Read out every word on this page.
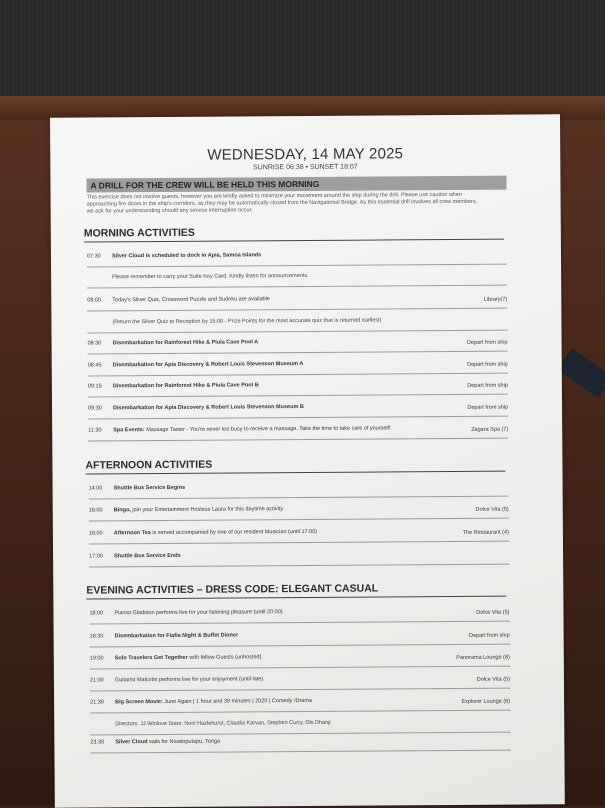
WEDNESDAY, 14 MAY 2025
SUNRISE 06:38 • SUNSET 18:07
A DRILL FOR THE CREW WILL BE HELD THIS MORNING
This exercise does not involve guests, however you are kindly asked to minimize your movement around the ship during the drill. Please use caution when
approaching fire doors in the ship's corridors, as they may be automatically closed from the Navigational Bridge. As this essential drill involves all crew members,
we ask for your understanding should any service interruption occur.
MORNING ACTIVITIES
07:30	Silver Cloud is scheduled to dock in Apia, Samoa Islands
Please remember to carry your Suite Key Card. Kindly listen for announcements.
08:00	Today's Silver Quiz, Crossword Puzzle and Sudoku are available	Library(7)
(Return the Silver Quiz to Reception by 15:00 - Prize Points for the most accurate quiz that is returned earliest)
08:30	Disembarkation for Rainforest Hike & Piula Cave Pool A	Depart from ship
08:45	Disembarkation for Apia Discovery & Robert Louis Stevenson Museum A	Depart from ship
09:15	Disembarkation for Rainforest Hike & Piula Cave Pool B	Depart from ship
09:30	Disembarkation for Apia Discovery & Robert Louis Stevenson Museum B	Depart from ship
11:30	Spa Events: Massage Taster - You're never too busy to receive a massage. Take the time to take care of yourself!	Zàgara Spa (7)
AFTERNOON ACTIVITIES
14:00	Shuttle Bus Service Begins
16:00	Bingo, join your Entertainment Hostess Laura for this daytime activity	Dolce Vita (5)
16:00	Afternoon Tea is served accompanied by one of our resident Musician (until 17:00)	The Restaurant (4)
17:00	Shuttle Bus Service Ends
EVENING ACTIVITIES – DRESS CODE: ELEGANT CASUAL
18:00	Pianist Gladston performs live for your listening pleasure (until 20:00)	Dolce Vita (5)
18:30	Disembarkation for Fiafia Night & Buffet Dinner	Depart from ship
19:00	Solo Travelers Get Together with fellow Guests (unhosted)	Panorama Lounge (8)
21:00	Guitarist Malcolm performs live for your enjoyment (until late)	Dolce Vita (5)
21:30	Big Screen Movie: June Again | 1 hour and 39 minutes | 2020 | Comedy /Drama	Explorer Lounge (6)
Directors: JJ Winlove Stars: Noni Hazlehurst, Claudia Karvan, Stephen Curry, Ols Dhanji
23:30	Silver Cloud sails for Niuatoputapu, Tonga
